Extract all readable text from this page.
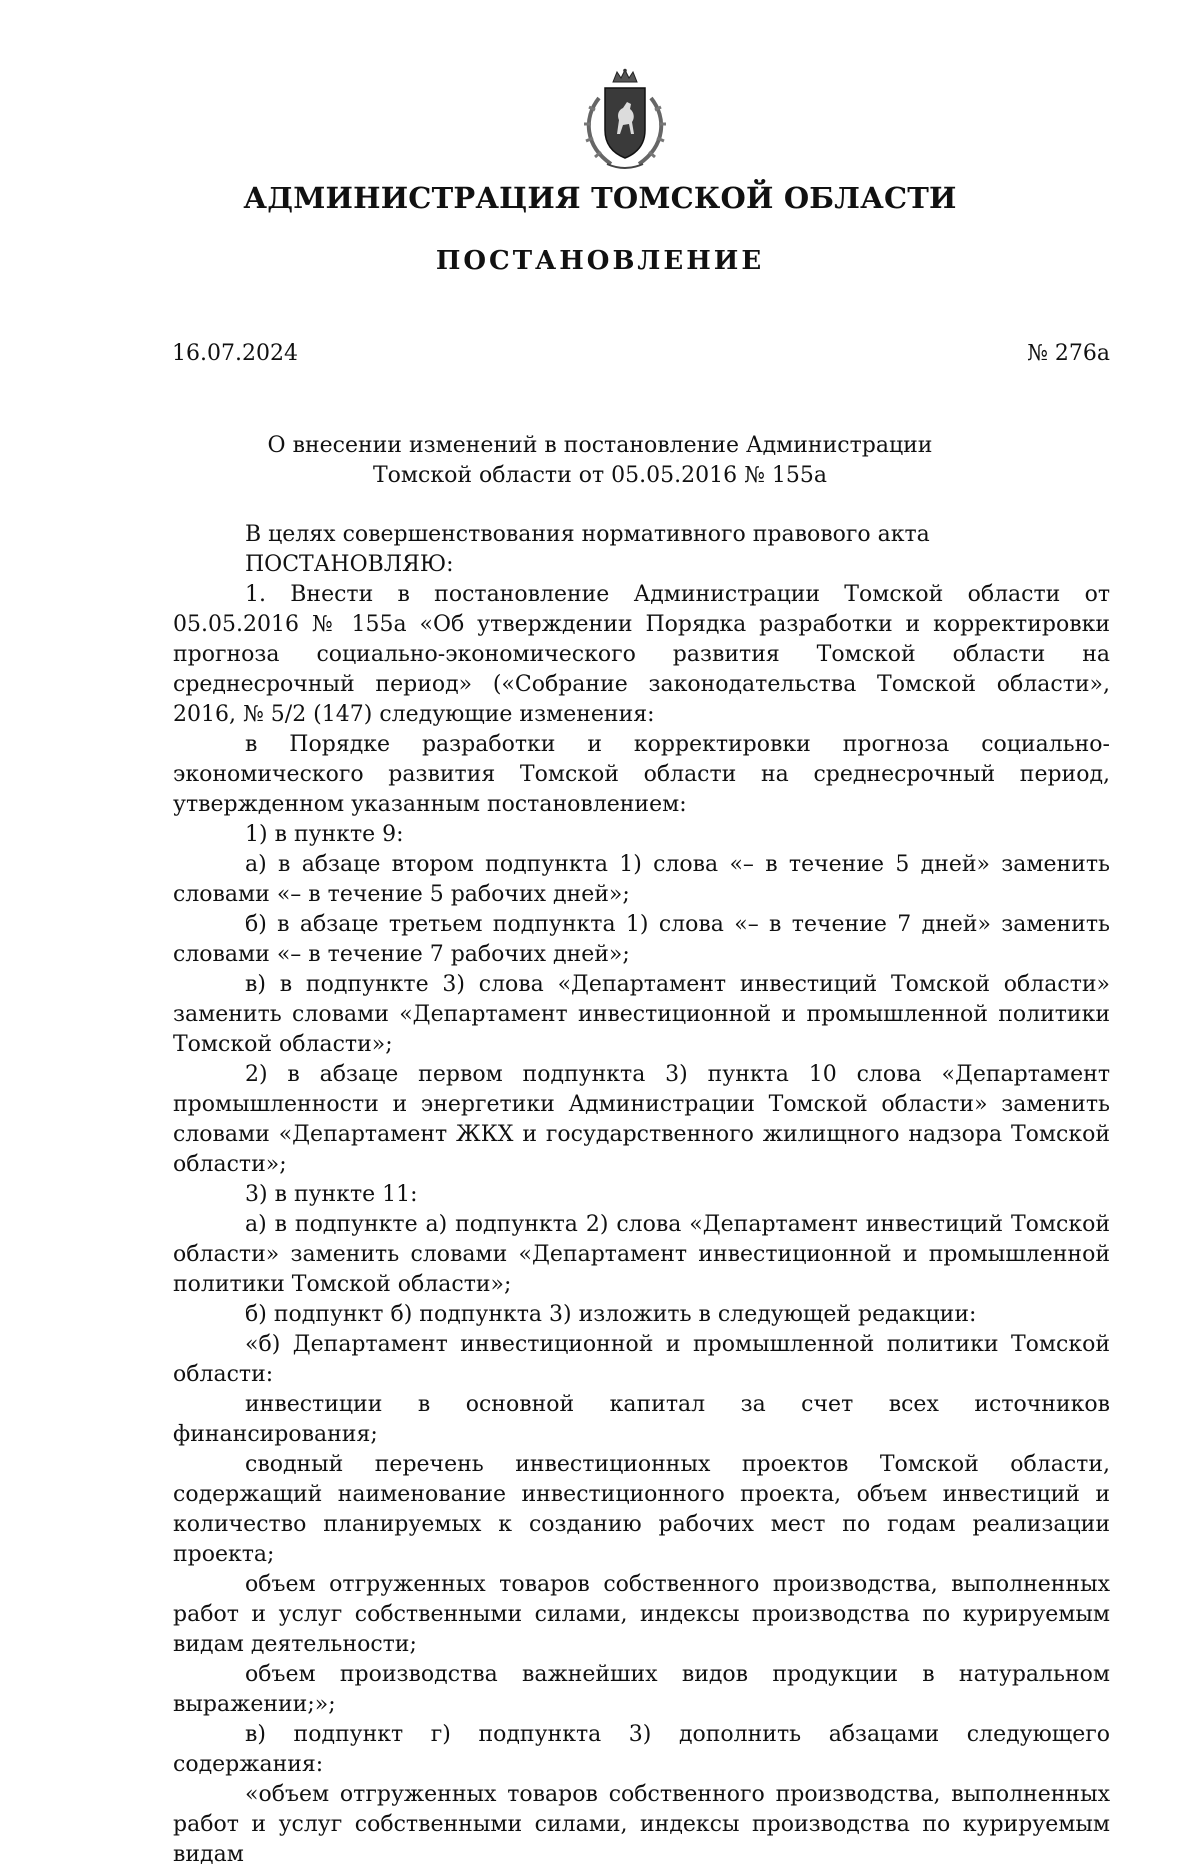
АДМИНИСТРАЦИЯ ТОМСКОЙ ОБЛАСТИ
ПОСТАНОВЛЕНИЕ
16.07.2024	№ 276а
О внесении изменений в постановление Администрации
Томской области от 05.05.2016 № 155а

В целях совершенствования нормативного правового акта

ПОСТАНОВЛЯЮ:

1. Внести в постановление Администрации Томской области от 05.05.2016 № 155а «Об утверждении Порядка разработки и корректировки прогноза социально-экономического развития Томской области на среднесрочный период» («Собрание законодательства Томской области», 2016, № 5/2 (147) следующие изменения:

в Порядке разработки и корректировки прогноза социально-экономического развития Томской области на среднесрочный период, утвержденном указанным постановлением:

1) в пункте 9:

а) в абзаце втором подпункта 1) слова «– в течение 5 дней» заменить словами «– в течение 5 рабочих дней»;

б) в абзаце третьем подпункта 1) слова «– в течение 7 дней» заменить словами «– в течение 7 рабочих дней»;

в) в подпункте 3) слова «Департамент инвестиций Томской области» заменить словами «Департамент инвестиционной и промышленной политики Томской области»;

2) в абзаце первом подпункта 3) пункта 10 слова «Департамент промышленности и энергетики Администрации Томской области» заменить словами «Департамент ЖКХ и государственного жилищного надзора Томской области»;

3) в пункте 11:

а) в подпункте а) подпункта 2) слова «Департамент инвестиций Томской области» заменить словами «Департамент инвестиционной и промышленной политики Томской области»;

б) подпункт б) подпункта 3) изложить в следующей редакции:

«б) Департамент инвестиционной и промышленной политики Томской области:

инвестиции в основной капитал за счет всех источников финансирования;

сводный перечень инвестиционных проектов Томской области, содержащий наименование инвестиционного проекта, объем инвестиций и количество планируемых к созданию рабочих мест по годам реализации проекта;

объем отгруженных товаров собственного производства, выполненных работ и услуг собственными силами, индексы производства по курируемым видам деятельности;

объем производства важнейших видов продукции в натуральном выражении;»;

в) подпункт г) подпункта 3) дополнить абзацами следующего содержания:

«объем отгруженных товаров собственного производства, выполненных работ и услуг собственными силами, индексы производства по курируемым видам
